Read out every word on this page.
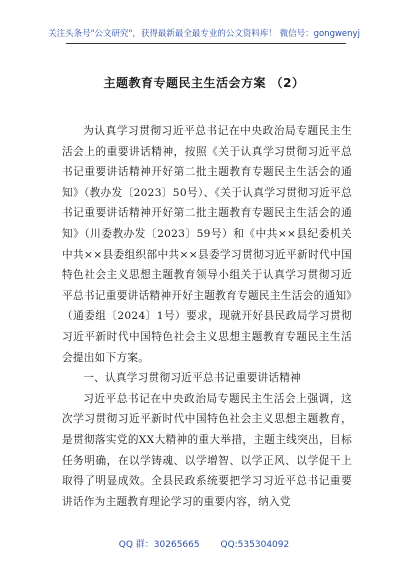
关注头条号"公文研究"，获得最新最全最专业的公文资料库！ 微信号：gongwenyj
主题教育专题民主生活会方案 （2）

为认真学习贯彻习近平总书记在中央政治局专题民主生活会上的重要讲话精神，按照《关于认真学习贯彻习近平总书记重要讲话精神开好第二批主题教育专题民主生活会的通知》（教办发〔2023〕50号）、《关于认真学习贯彻习近平总书记重要讲话精神开好第二批主题教育专题民主生活会的通知》（川委教办发〔2023〕59号）和《中共××县纪委机关中共××县委组织部中共××县委学习贯彻习近平新时代中国特色社会主义思想主题教育领导小组关于认真学习贯彻习近平总书记重要讲话精神开好主题教育专题民主生活会的通知》（通委组〔2024〕1号）要求，现就开好县民政局学习贯彻习近平新时代中国特色社会主义思想主题教育专题民主生活会提出如下方案。

一、认真学习贯彻习近平总书记重要讲话精神

习近平总书记在中央政治局专题民主生活会上强调，这次学习贯彻习近平新时代中国特色社会主义思想主题教育，是贯彻落实党的XX大精神的重大举措，主题主线突出，目标任务明确，在以学铸魂、以学增智、以学正风、以学促干上取得了明显成效。全县民政系统要把学习习近平总书记重要讲话作为主题教育理论学习的重要内容，纳入党

QQ 群：30265665 QQ:535304092
